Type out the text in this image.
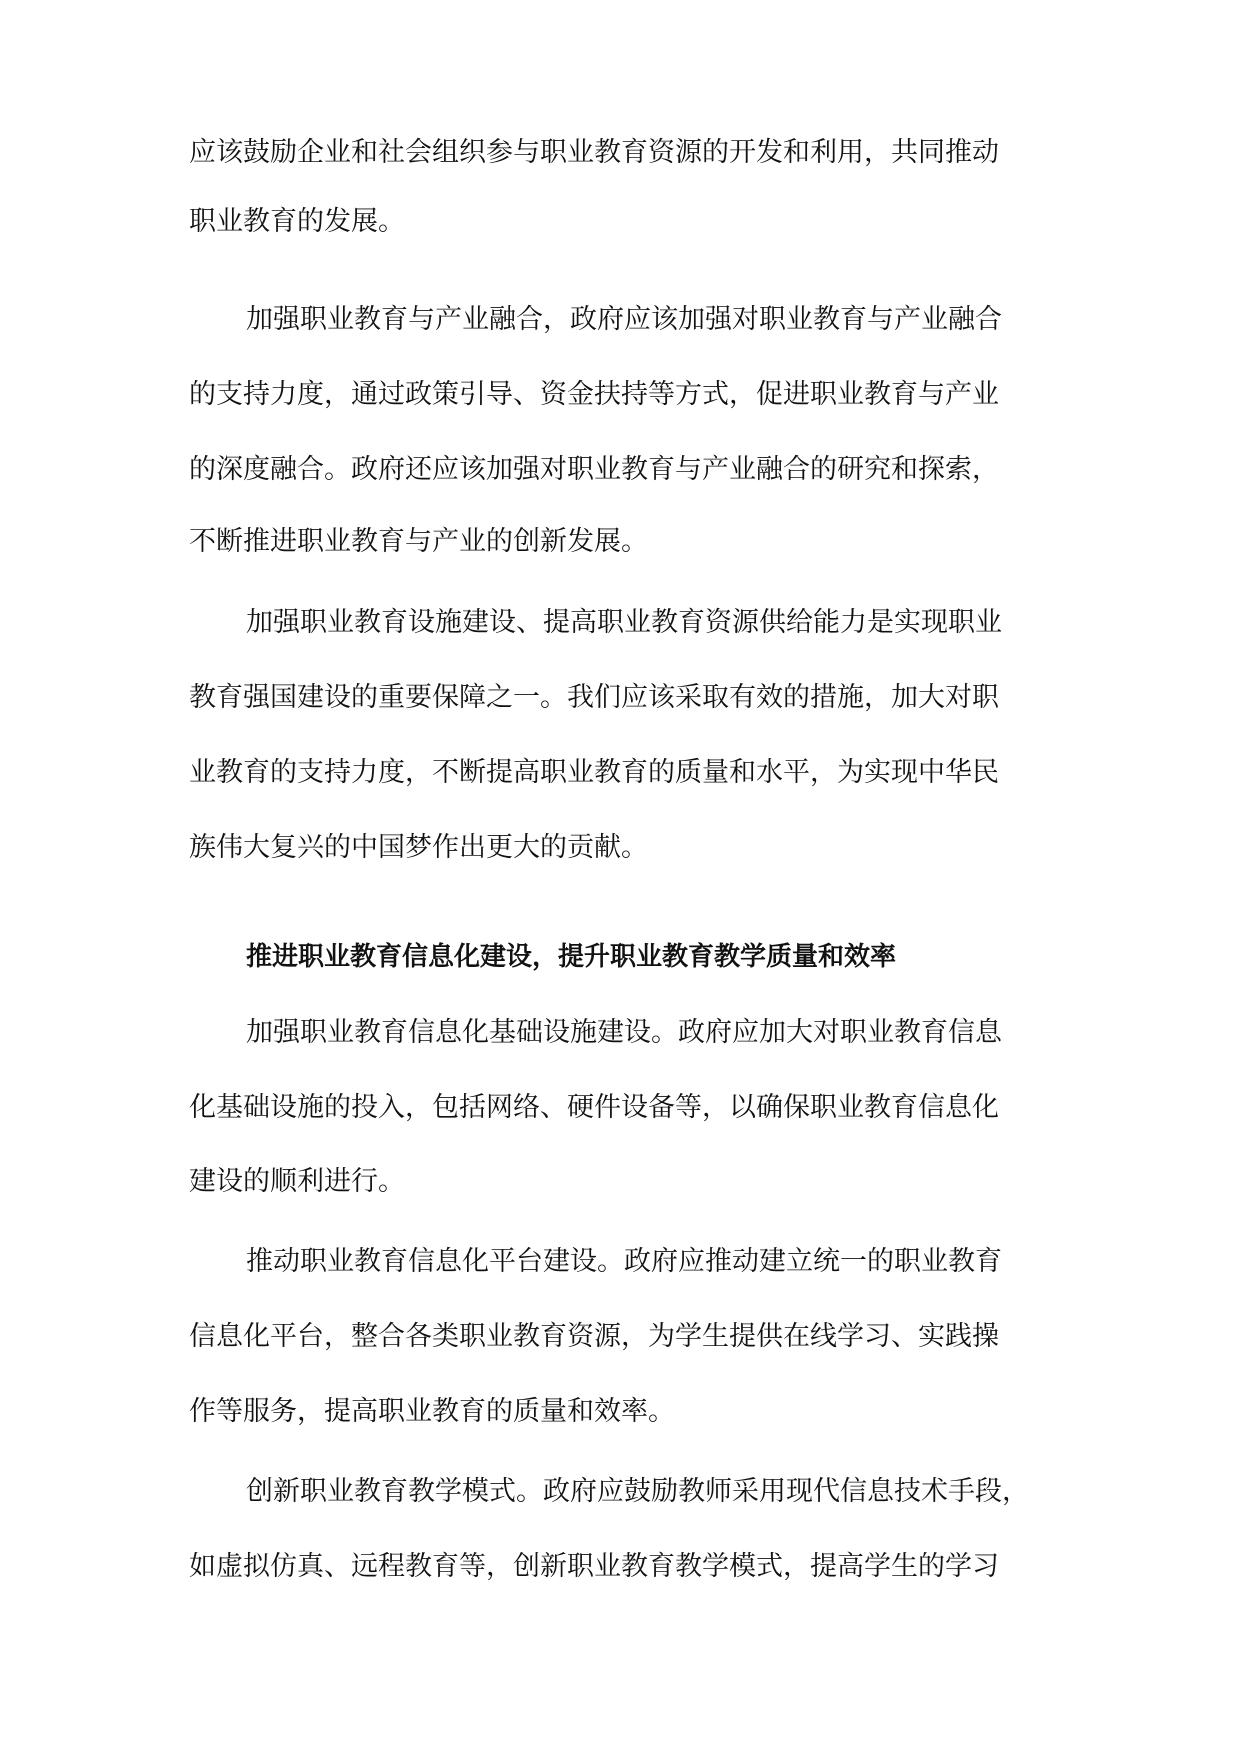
应该鼓励企业和社会组织参与职业教育资源的开发和利用，共同推动
职业教育的发展。
加强职业教育与产业融合，政府应该加强对职业教育与产业融合
的支持力度，通过政策引导、资金扶持等方式，促进职业教育与产业
的深度融合。政府还应该加强对职业教育与产业融合的研究和探索，
不断推进职业教育与产业的创新发展。
加强职业教育设施建设、提高职业教育资源供给能力是实现职业
教育强国建设的重要保障之一。我们应该采取有效的措施，加大对职
业教育的支持力度，不断提高职业教育的质量和水平，为实现中华民
族伟大复兴的中国梦作出更大的贡献。
推进职业教育信息化建设，提升职业教育教学质量和效率
加强职业教育信息化基础设施建设。政府应加大对职业教育信息
化基础设施的投入，包括网络、硬件设备等，以确保职业教育信息化
建设的顺利进行。
推动职业教育信息化平台建设。政府应推动建立统一的职业教育
信息化平台，整合各类职业教育资源，为学生提供在线学习、实践操
作等服务，提高职业教育的质量和效率。
创新职业教育教学模式。政府应鼓励教师采用现代信息技术手段，
如虚拟仿真、远程教育等，创新职业教育教学模式，提高学生的学习
